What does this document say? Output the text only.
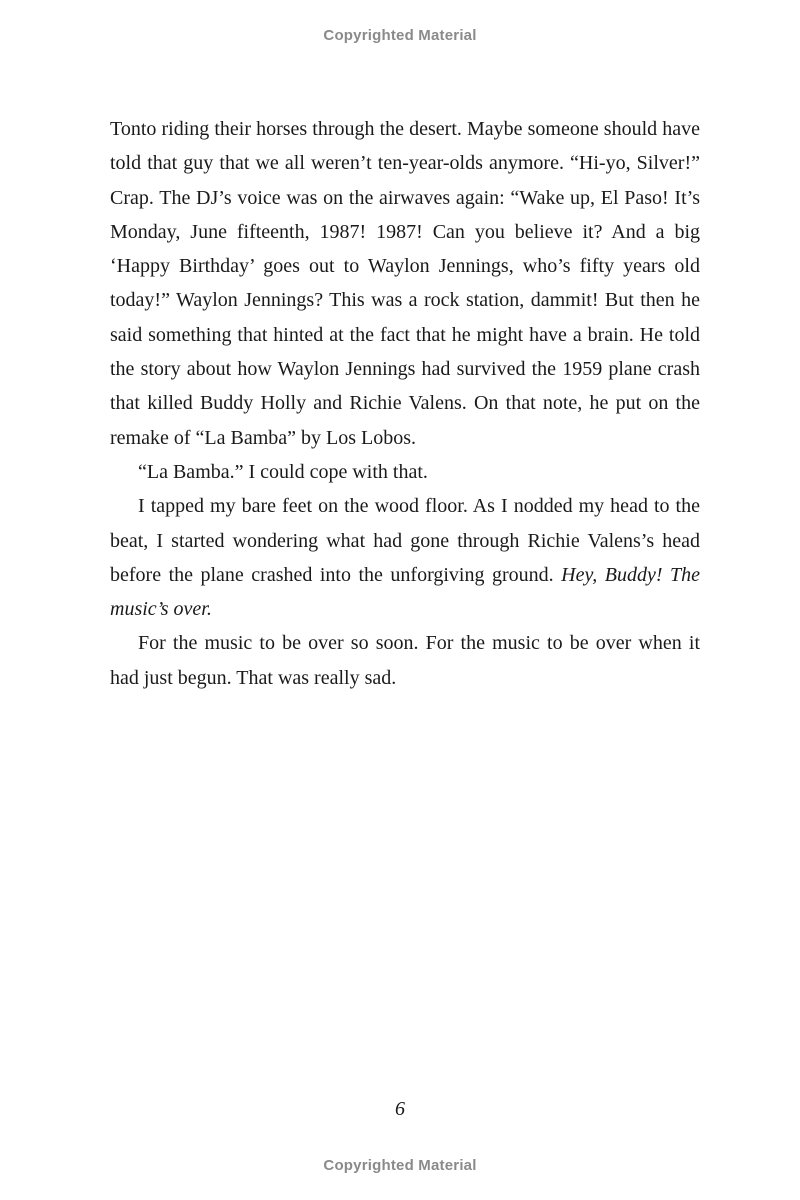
Copyrighted Material

Tonto riding their horses through the desert. Maybe someone should have told that guy that we all weren’t ten-year-olds anymore. “Hi-yo, Silver!” Crap. The DJ’s voice was on the airwaves again: “Wake up, El Paso! It’s Monday, June fifteenth, 1987! 1987! Can you believe it? And a big ‘Happy Birthday’ goes out to Waylon Jennings, who’s fifty years old today!” Waylon Jennings? This was a rock station, dammit! But then he said something that hinted at the fact that he might have a brain. He told the story about how Waylon Jennings had survived the 1959 plane crash that killed Buddy Holly and Richie Valens. On that note, he put on the remake of “La Bamba” by Los Lobos.

“La Bamba.” I could cope with that.

I tapped my bare feet on the wood floor. As I nodded my head to the beat, I started wondering what had gone through Richie Valens’s head before the plane crashed into the unforgiving ground. Hey, Buddy! The music’s over.

For the music to be over so soon. For the music to be over when it had just begun. That was really sad.

6
Copyrighted Material
